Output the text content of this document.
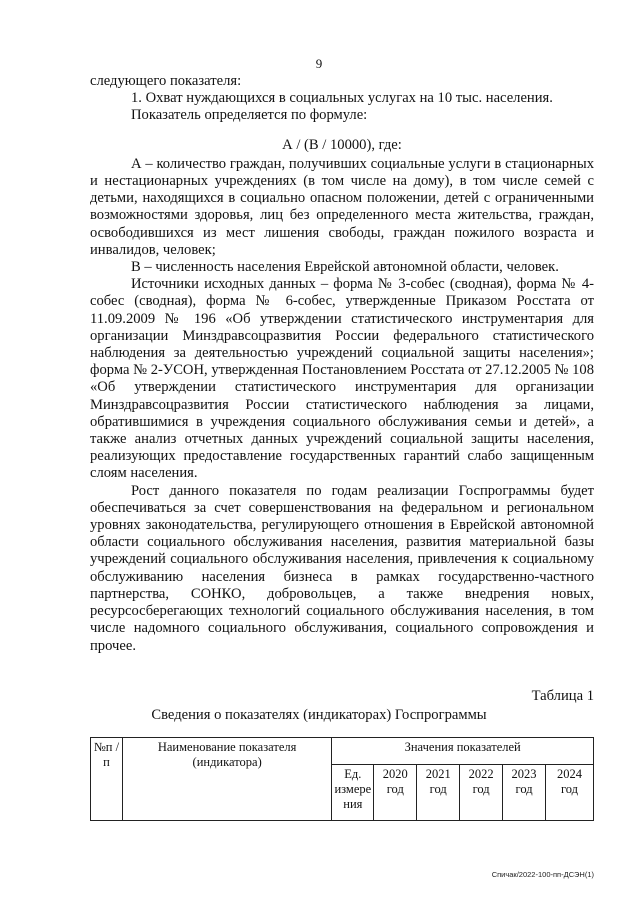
9

следующего показателя:

1. Охват нуждающихся в социальных услугах на 10 тыс. населения.

Показатель определяется по формуле:

А / (В / 10000), где:

А – количество граждан, получивших социальные услуги в стационарных и нестационарных учреждениях (в том числе на дому), в том числе семей с детьми, находящихся в социально опасном положении, детей с ограниченными возможностями здоровья, лиц без определенного места жительства, граждан, освободившихся из мест лишения свободы, граждан пожилого возраста и инвалидов, человек;

В – численность населения Еврейской автономной области, человек.

Источники исходных данных – форма № 3-собес (сводная), форма № 4-собес (сводная), форма № 6-собес, утвержденные Приказом Росстата от 11.09.2009 № 196 «Об утверждении статистического инструментария для организации Минздравсоцразвития России федерального статистического наблюдения за деятельностью учреждений социальной защиты населения»; форма № 2-УСОН, утвержденная Постановлением Росстата от 27.12.2005 № 108 «Об утверждении статистического инструментария для организации Минздравсоцразвития России статистического наблюдения за лицами, обратившимися в учреждения социального обслуживания семьи и детей», а также анализ отчетных данных учреждений социальной защиты населения, реализующих предоставление государственных гарантий слабо защищенным слоям населения.

Рост данного показателя по годам реализации Госпрограммы будет обеспечиваться за счет совершенствования на федеральном и региональном уровнях законодательства, регулирующего отношения в Еврейской автономной области социального обслуживания населения, развития материальной базы учреждений социального обслуживания населения, привлечения к социальному обслуживанию населения бизнеса в рамках государственно-частного партнерства, СОНКО, добровольцев, а также внедрения новых, ресурсосберегающих технологий социального обслуживания населения, в том числе надомного социального обслуживания, социального сопровождения и прочее.

Таблица 1
Сведения о показателях (индикаторах) Госпрограммы
№п /п	Наименование показателя (индикатора)	Значения показателей					
		Ед. измере ния	2020 год	2021 год	2022 год	2023 год	2024 год
Спичак/2022-100-пп-ДСЭН(1)
